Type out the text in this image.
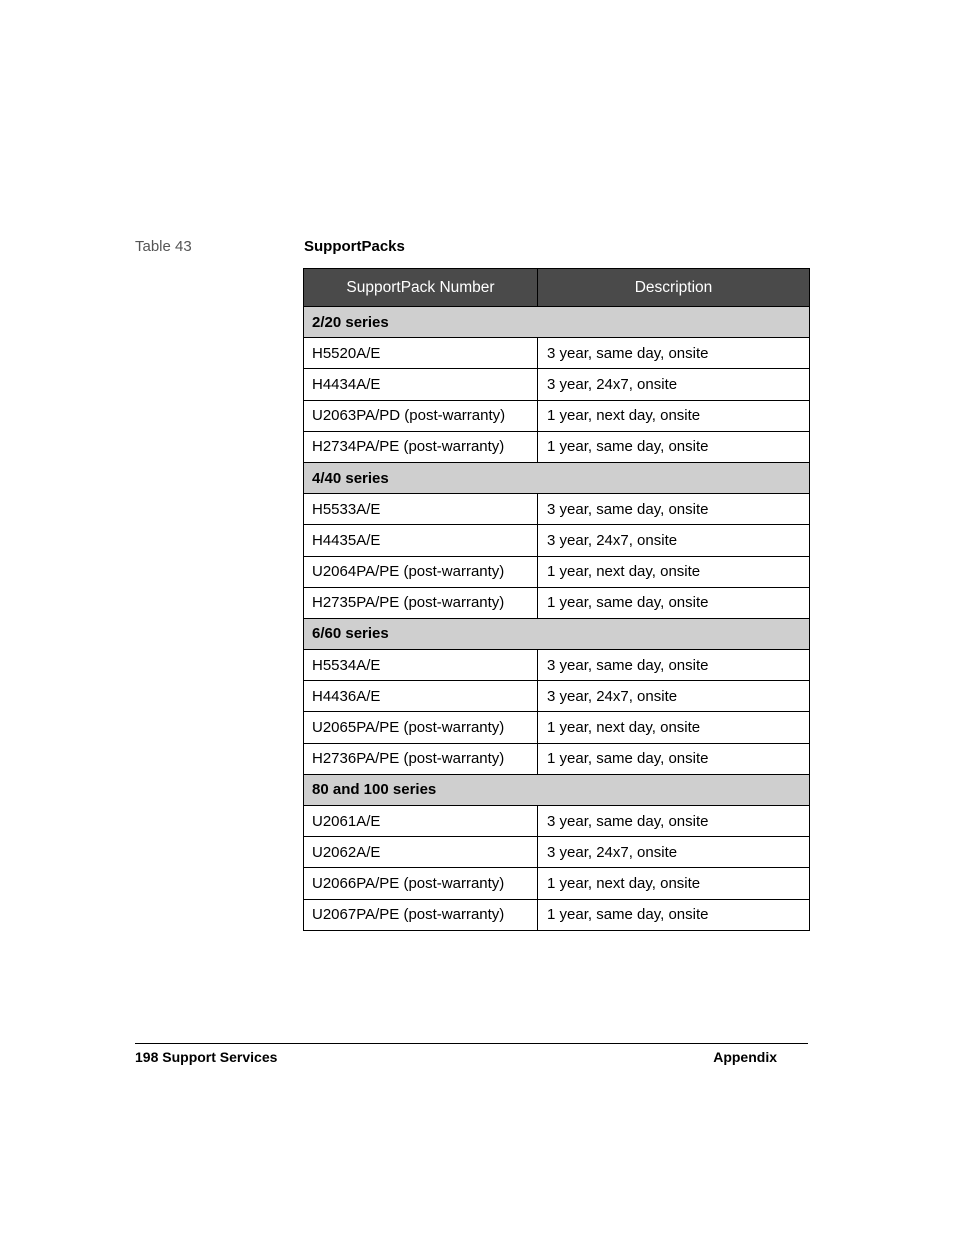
Table 43	SupportPacks
SupportPack Number	Description
2/20 series	
H5520A/E	3 year, same day, onsite
H4434A/E	3 year, 24x7, onsite
U2063PA/PD (post-warranty)	1 year, next day, onsite
H2734PA/PE (post-warranty)	1 year, same day, onsite
4/40 series	
H5533A/E	3 year, same day, onsite
H4435A/E	3 year, 24x7, onsite
U2064PA/PE (post-warranty)	1 year, next day, onsite
H2735PA/PE (post-warranty)	1 year, same day, onsite
6/60 series	
H5534A/E	3 year, same day, onsite
H4436A/E	3 year, 24x7, onsite
U2065PA/PE (post-warranty)	1 year, next day, onsite
H2736PA/PE (post-warranty)	1 year, same day, onsite
80 and 100 series	
U2061A/E	3 year, same day, onsite
U2062A/E	3 year, 24x7, onsite
U2066PA/PE (post-warranty)	1 year, next day, onsite
U2067PA/PE (post-warranty)	1 year, same day, onsite
198 Support Services	Appendix
